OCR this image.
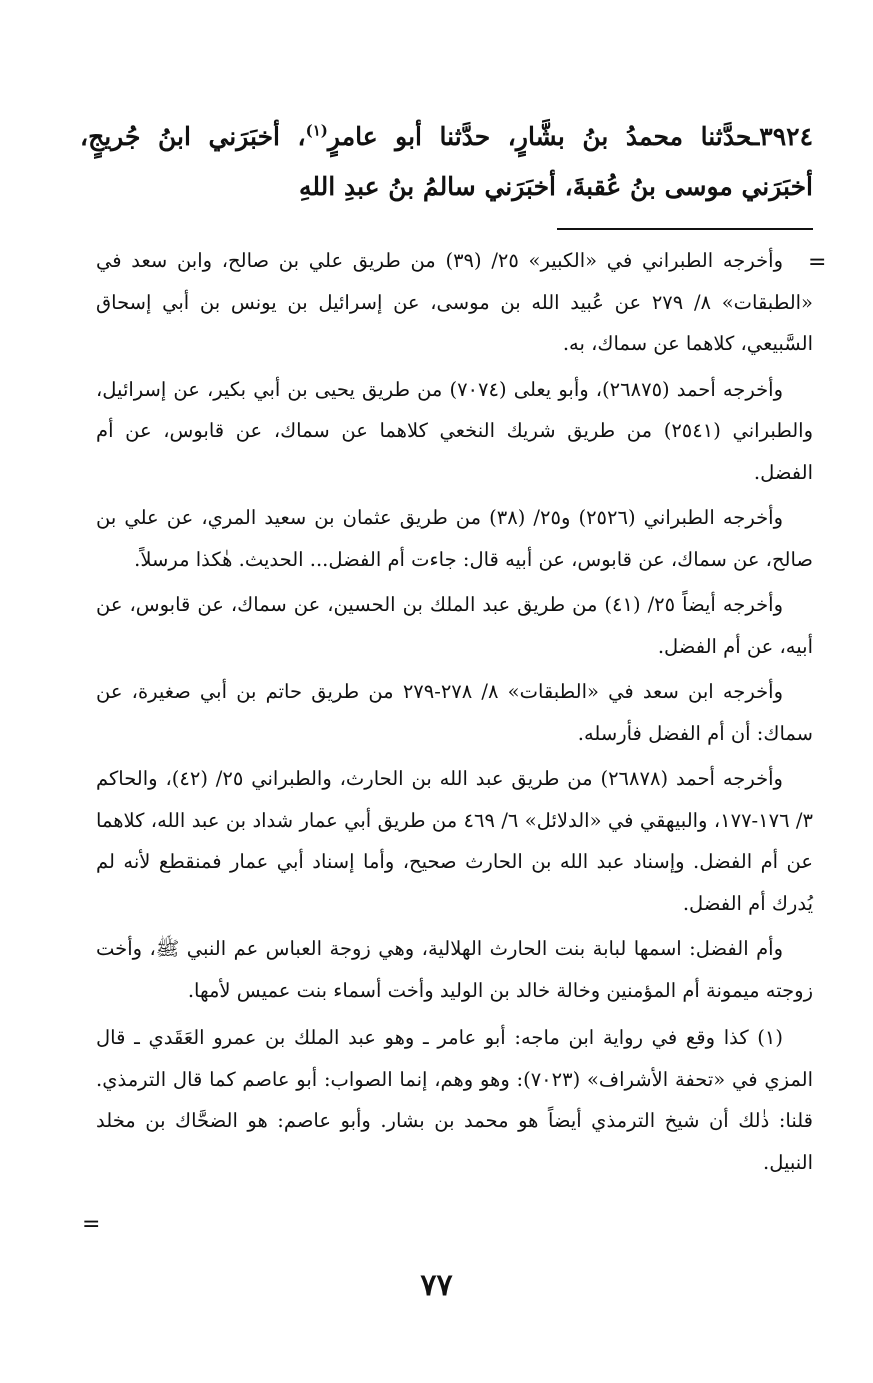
٣٩٢٤ـحدَّثنا محمدُ بنُ بشَّارٍ، حدَّثنا أبو عامرٍ$^{(١)}$، أخبَرَني ابنُ جُريجٍ، أخبَرَني موسى بنُ عُقبةَ، أخبَرَني سالمُ بنُ عبدِ اللهِ
=

وأخرجه الطبراني في «الكبير» ٢٥/ (٣٩) من طريق علي بن صالح، وابن سعد في «الطبقات» ٨/ ٢٧٩ عن عُبيد الله بن موسى، عن إسرائيل بن يونس بن أبي إسحاق السَّبيعي، كلاهما عن سماك، به.

وأخرجه أحمد (٢٦٨٧٥)، وأبو يعلى (٧٠٧٤) من طريق يحيى بن أبي بكير، عن إسرائيل، والطبراني (٢٥٤١) من طريق شريك النخعي كلاهما عن سماك، عن قابوس، عن أم الفضل.

وأخرجه الطبراني (٢٥٢٦) و٢٥/ (٣٨) من طريق عثمان بن سعيد المري، عن علي بن صالح، عن سماك، عن قابوس، عن أبيه قال: جاءت أم الفضل... الحديث. هٰكذا مرسلاً.

وأخرجه أيضاً ٢٥/ (٤١) من طريق عبد الملك بن الحسين، عن سماك، عن قابوس، عن أبيه، عن أم الفضل.

وأخرجه ابن سعد في «الطبقات» ٨/ ٢٧٨-٢٧٩ من طريق حاتم بن أبي صغيرة، عن سماك: أن أم الفضل فأرسله.

وأخرجه أحمد (٢٦٨٧٨) من طريق عبد الله بن الحارث، والطبراني ٢٥/ (٤٢)، والحاكم ٣/ ١٧٦-١٧٧، والبيهقي في «الدلائل» ٦/ ٤٦٩ من طريق أبي عمار شداد بن عبد الله، كلاهما عن أم الفضل. وإسناد عبد الله بن الحارث صحيح، وأما إسناد أبي عمار فمنقطع لأنه لم يُدرك أم الفضل.

وأم الفضل: اسمها لبابة بنت الحارث الهلالية، وهي زوجة العباس عم النبي ﷺ، وأخت زوجته ميمونة أم المؤمنين وخالة خالد بن الوليد وأخت أسماء بنت عميس لأمها.

(١) كذا وقع في رواية ابن ماجه: أبو عامر ـ وهو عبد الملك بن عمرو العَقَدي ـ قال المزي في «تحفة الأشراف» (٧٠٢٣): وهو وهم، إنما الصواب: أبو عاصم كما قال الترمذي. قلنا: ذٰلك أن شيخ الترمذي أيضاً هو محمد بن بشار. وأبو عاصم: هو الضحَّاك بن مخلد النبيل.

=
٧٧
